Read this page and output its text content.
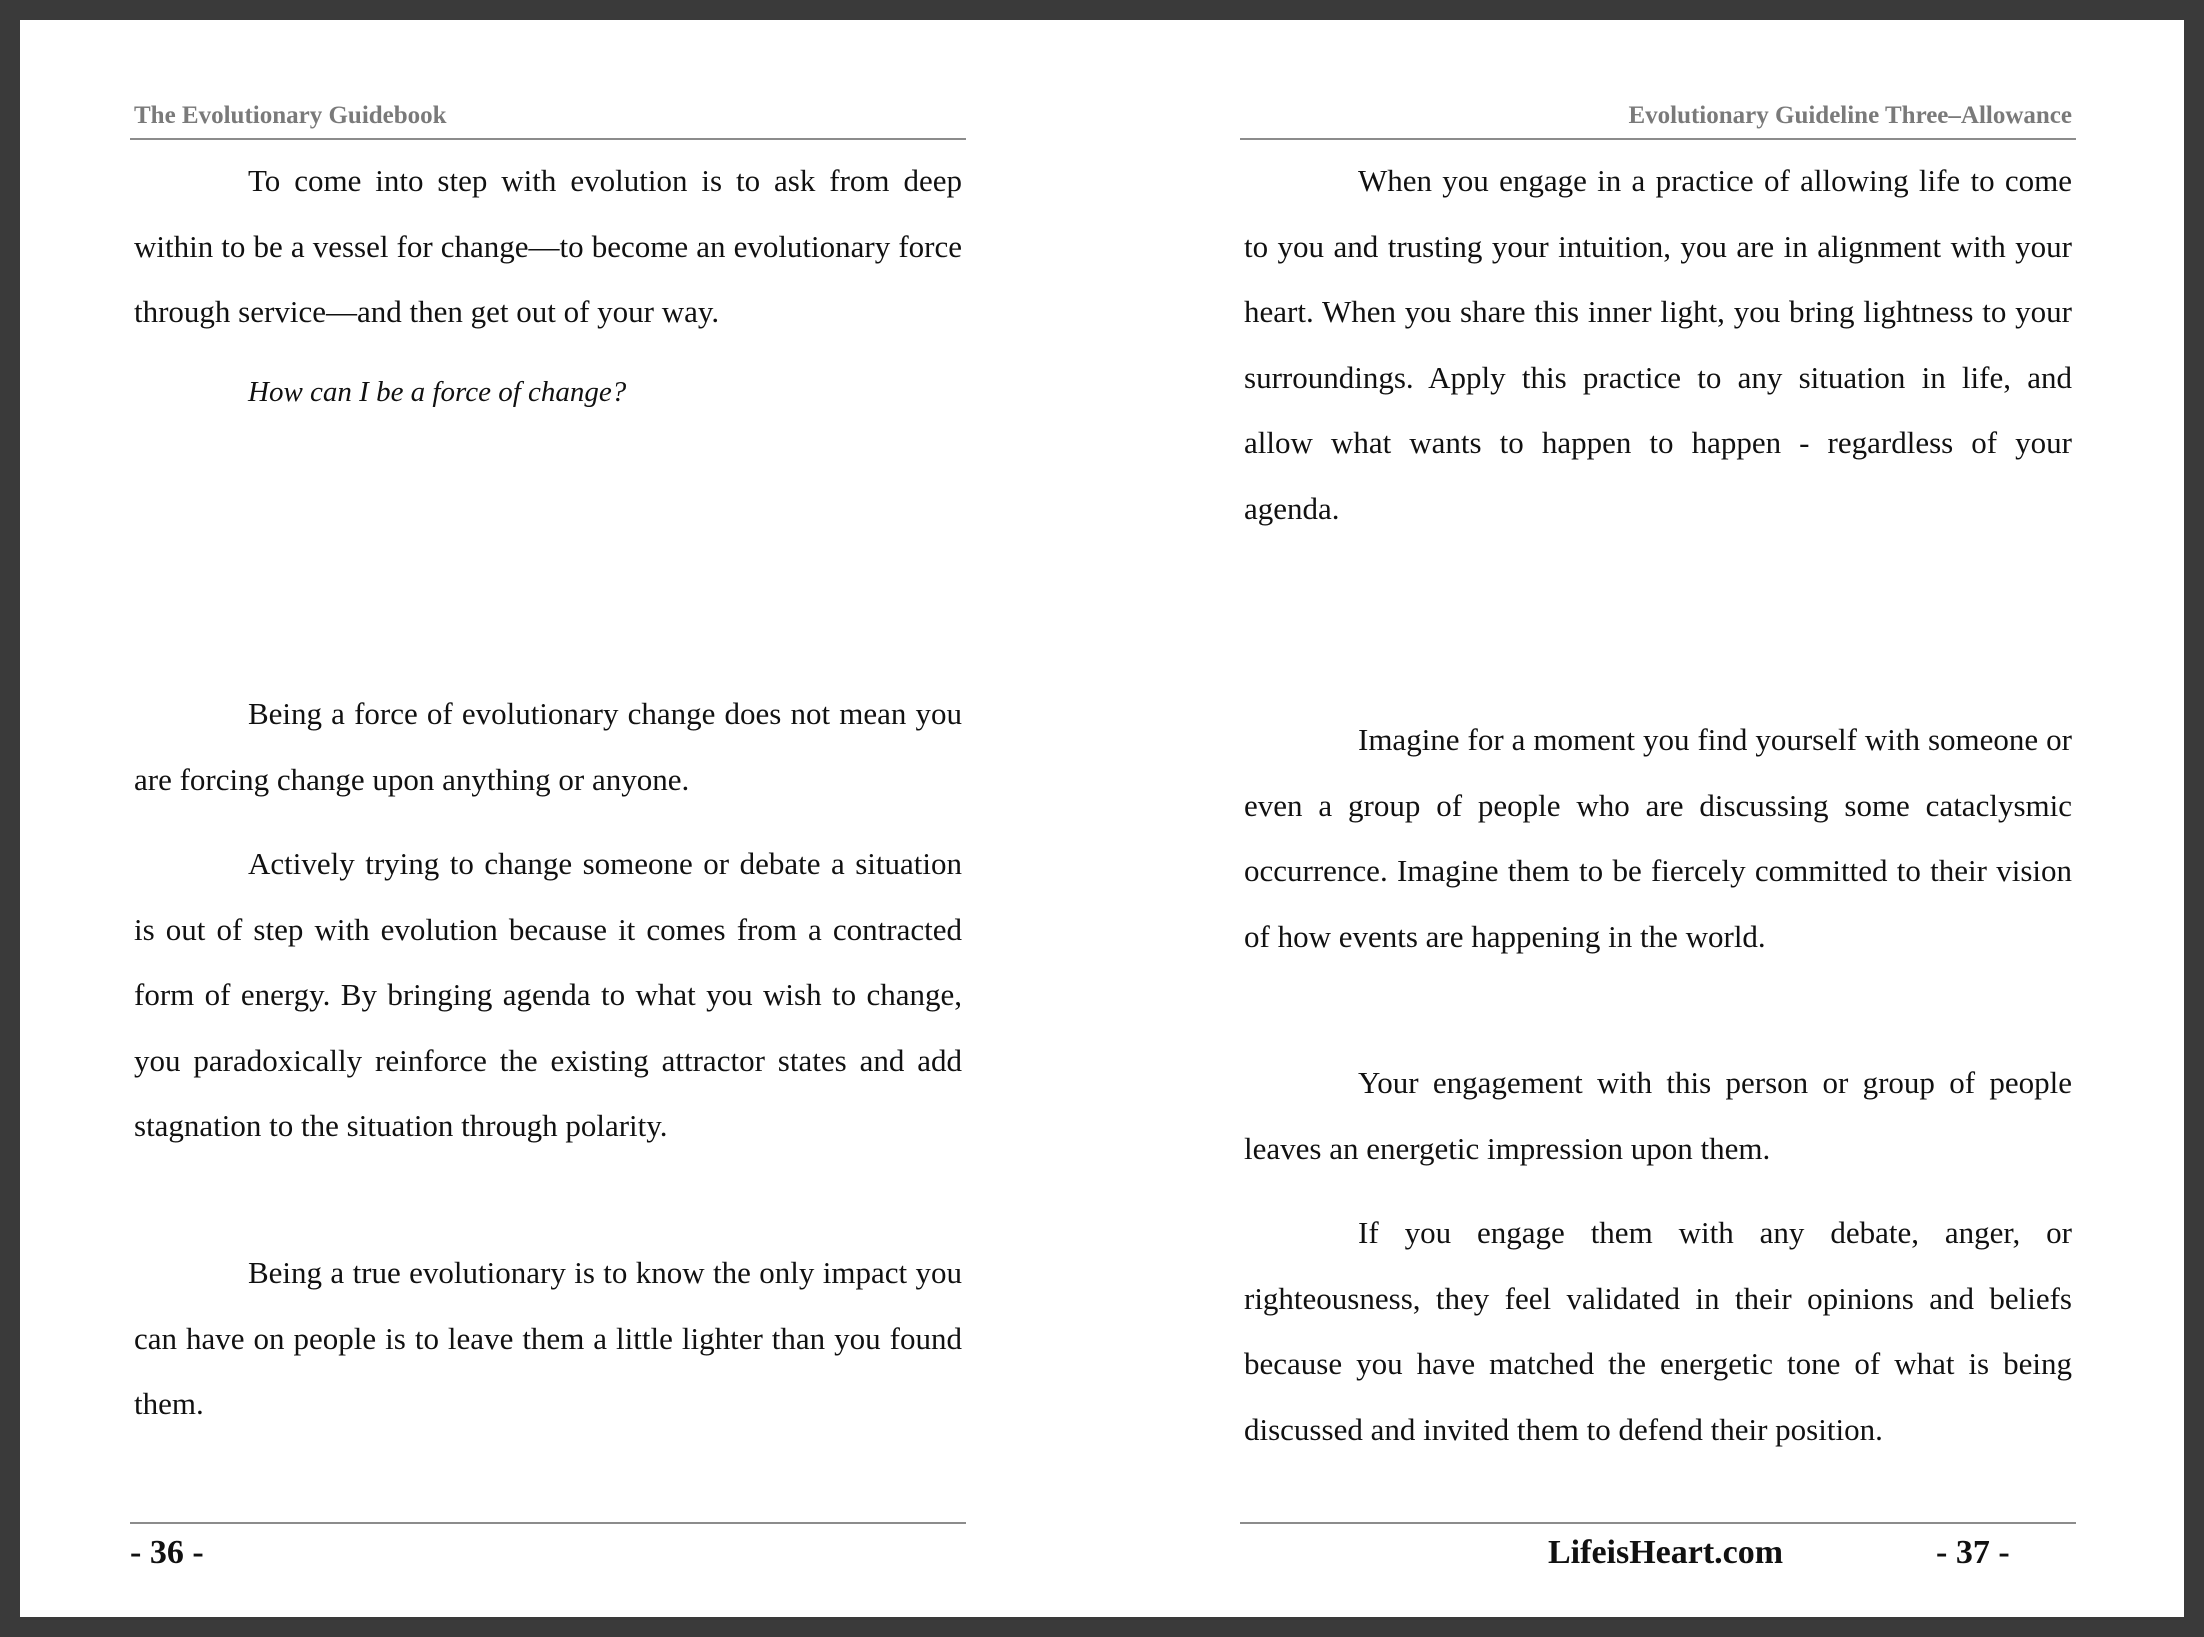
The Evolutionary Guidebook

To come into step with evolution is to ask from deep within to be a vessel for change—to become an evolutionary force through service—and then get out of your way.

How can I be a force of change?

Being a force of evolutionary change does not mean you are forcing change upon anything or anyone.

Actively trying to change someone or debate a situation is out of step with evolution because it comes from a contracted form of energy. By bringing agenda to what you wish to change, you paradoxically reinforce the existing attractor states and add stagnation to the situation through polarity.

Being a true evolutionary is to know the only impact you can have on people is to leave them a little lighter than you found them.

- 36 -
Evolutionary Guideline Three–Allowance

When you engage in a practice of allowing life to come to you and trusting your intuition, you are in alignment with your heart. When you share this inner light, you bring lightness to your surroundings. Apply this practice to any situation in life, and allow what wants to happen to happen - regardless of your agenda.

Imagine for a moment you find yourself with someone or even a group of people who are discussing some cataclysmic occurrence. Imagine them to be fiercely committed to their vision of how events are happening in the world.

Your engagement with this person or group of people leaves an energetic impression upon them.

If you engage them with any debate, anger, or righteousness, they feel validated in their opinions and beliefs because you have matched the energetic tone of what is being discussed and invited them to defend their position.

LifeisHeart.com	- 37 -
